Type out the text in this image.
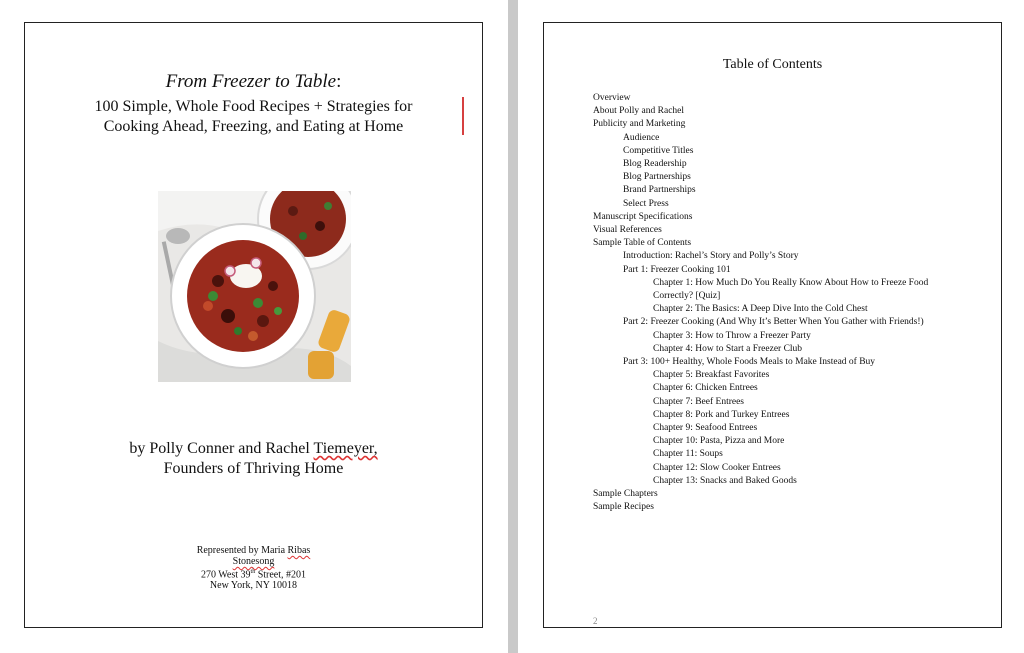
From Freezer to Table:
100 Simple, Whole Food Recipes + Strategies for
Cooking Ahead, Freezing, and Eating at Home
by Polly Conner and Rachel Tiemeyer,
Founders of Thriving Home
Represented by Maria Ribas
Stonesong
270 West 39th Street, #201
New York, NY 10018
Table of Contents
Overview
About Polly and Rachel
Publicity and Marketing
Audience
Competitive Titles
Blog Readership
Blog Partnerships
Brand Partnerships
Select Press
Manuscript Specifications
Visual References
Sample Table of Contents
Introduction: Rachel’s Story and Polly’s Story
Part 1: Freezer Cooking 101
Chapter 1: How Much Do You Really Know About How to Freeze Food Correctly? [Quiz]
Chapter 2: The Basics: A Deep Dive Into the Cold Chest
Part 2: Freezer Cooking (And Why It’s Better When You Gather with Friends!)
Chapter 3: How to Throw a Freezer Party
Chapter 4: How to Start a Freezer Club
Part 3: 100+ Healthy, Whole Foods Meals to Make Instead of Buy
Chapter 5: Breakfast Favorites
Chapter 6: Chicken Entrees
Chapter 7: Beef Entrees
Chapter 8: Pork and Turkey Entrees
Chapter 9: Seafood Entrees
Chapter 10: Pasta, Pizza and More
Chapter 11: Soups
Chapter 12: Slow Cooker Entrees
Chapter 13: Snacks and Baked Goods
Sample Chapters
Sample Recipes
2
